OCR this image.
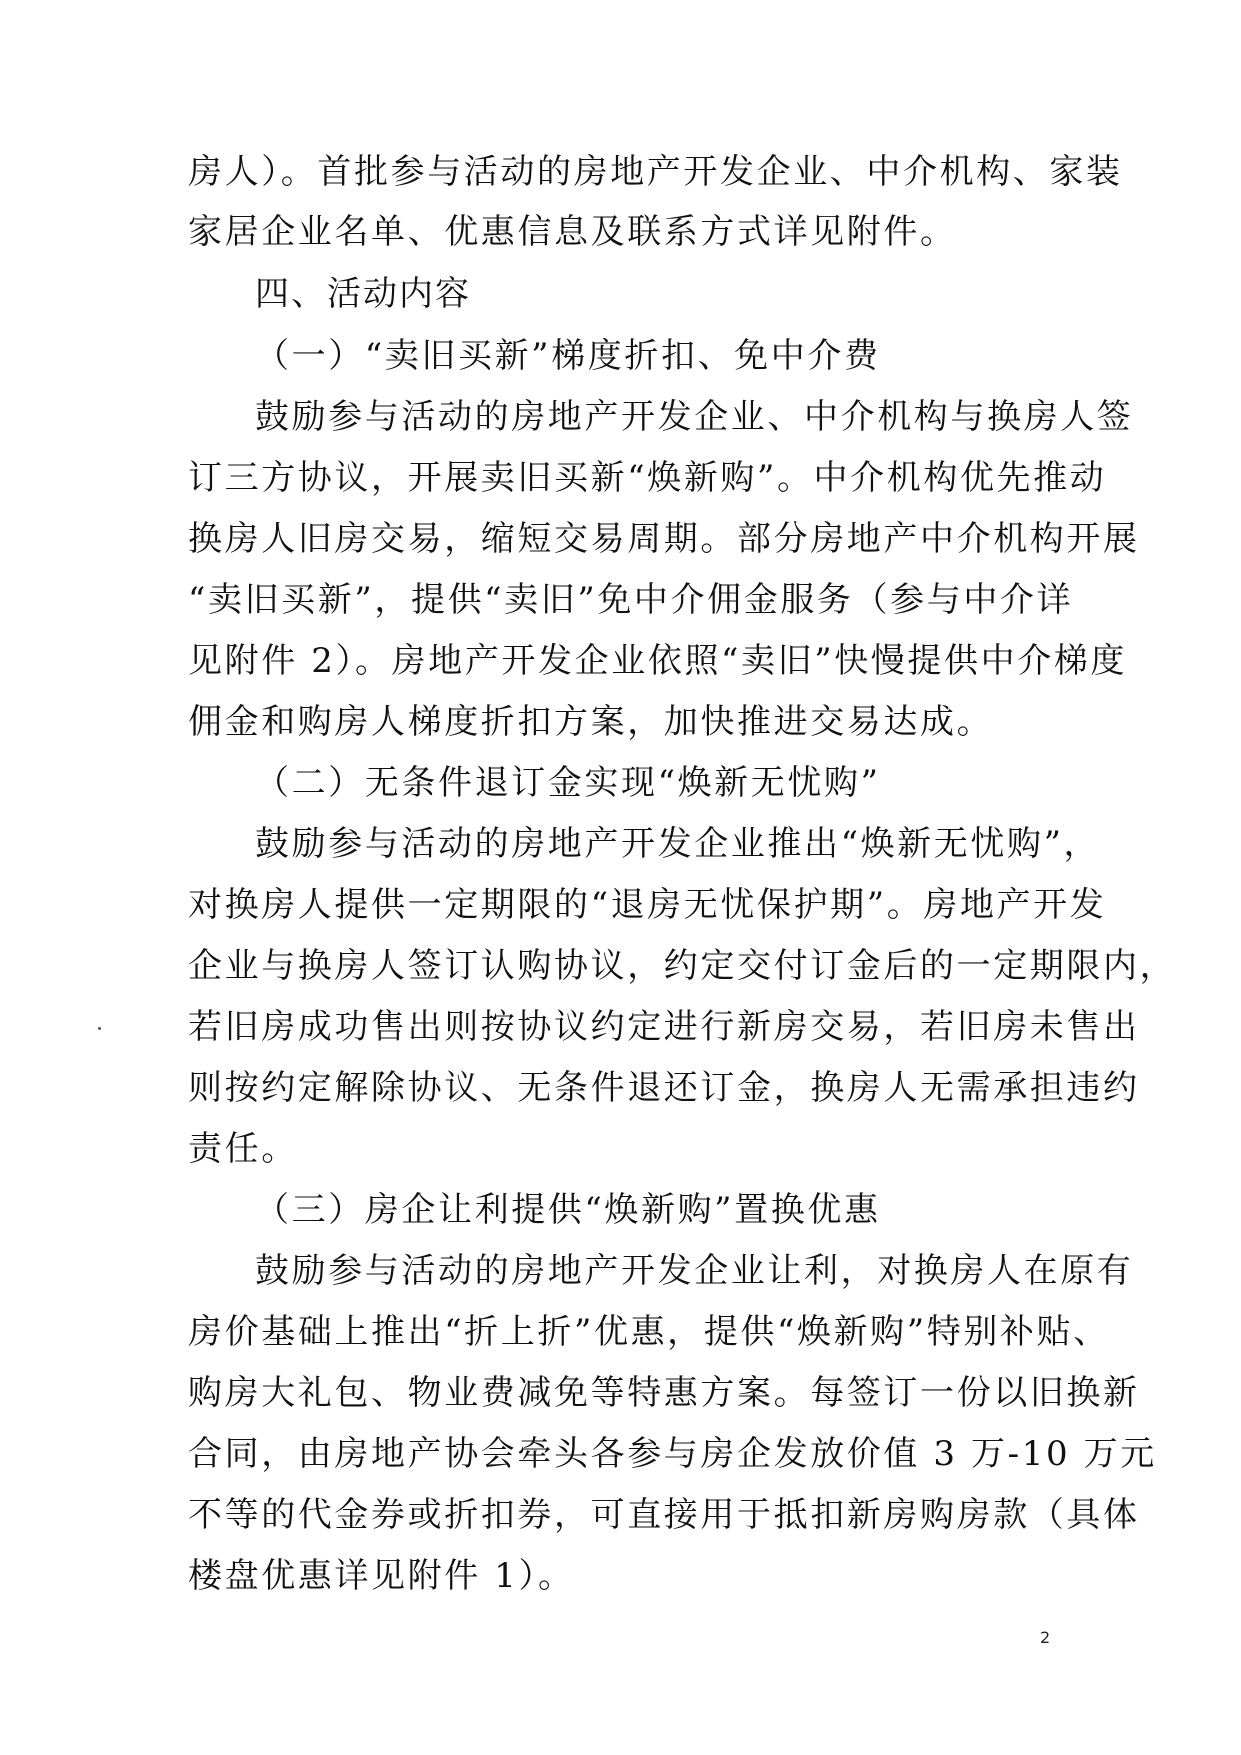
房人）。首批参与活动的房地产开发企业、中介机构、家装
家居企业名单、优惠信息及联系方式详见附件。
四、活动内容
（一）“卖旧买新”梯度折扣、免中介费
鼓励参与活动的房地产开发企业、中介机构与换房人签
订三方协议，开展卖旧买新“焕新购”。中介机构优先推动
换房人旧房交易，缩短交易周期。部分房地产中介机构开展
“卖旧买新”，提供“卖旧”免中介佣金服务（参与中介详
见附件 2）。房地产开发企业依照“卖旧”快慢提供中介梯度
佣金和购房人梯度折扣方案，加快推进交易达成。
（二）无条件退订金实现“焕新无忧购”
鼓励参与活动的房地产开发企业推出“焕新无忧购”，
对换房人提供一定期限的“退房无忧保护期”。房地产开发
企业与换房人签订认购协议，约定交付订金后的一定期限内，
若旧房成功售出则按协议约定进行新房交易，若旧房未售出
则按约定解除协议、无条件退还订金，换房人无需承担违约
责任。
（三）房企让利提供“焕新购”置换优惠
鼓励参与活动的房地产开发企业让利，对换房人在原有
房价基础上推出“折上折”优惠，提供“焕新购”特别补贴、
购房大礼包、物业费减免等特惠方案。每签订一份以旧换新
合同，由房地产协会牵头各参与房企发放价值 3 万-10 万元
不等的代金券或折扣券，可直接用于抵扣新房购房款（具体
楼盘优惠详见附件 1）。
2
